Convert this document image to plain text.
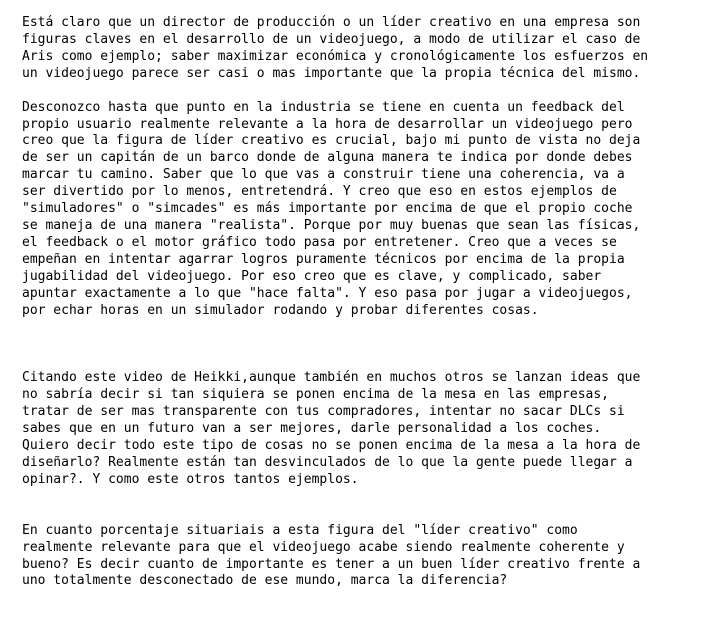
Está claro que un director de producción o un líder creativo en una empresa son
figuras claves en el desarrollo de un videojuego, a modo de utilizar el caso de
Aris como ejemplo; saber maximizar económica y cronológicamente los esfuerzos en
un videojuego parece ser casi o mas importante que la propia técnica del mismo.

Desconozco hasta que punto en la industria se tiene en cuenta un feedback del
propio usuario realmente relevante a la hora de desarrollar un videojuego pero
creo que la figura de líder creativo es crucial, bajo mi punto de vista no deja
de ser un capitán de un barco donde de alguna manera te indica por donde debes
marcar tu camino. Saber que lo que vas a construir tiene una coherencia, va a
ser divertido por lo menos, entretendrá. Y creo que eso en estos ejemplos de
"simuladores" o "simcades" es más importante por encima de que el propio coche
se maneja de una manera "realista". Porque por muy buenas que sean las físicas,
el feedback o el motor gráfico todo pasa por entretener. Creo que a veces se
empeñan en intentar agarrar logros puramente técnicos por encima de la propia
jugabilidad del videojuego. Por eso creo que es clave, y complicado, saber
apuntar exactamente a lo que "hace falta". Y eso pasa por jugar a videojuegos,
por echar horas en un simulador rodando y probar diferentes cosas.

Citando este video de Heikki,aunque también en muchos otros se lanzan ideas que
no sabría decir si tan siquiera se ponen encima de la mesa en las empresas,
tratar de ser mas transparente con tus compradores, intentar no sacar DLCs si
sabes que en un futuro van a ser mejores, darle personalidad a los coches.
Quiero decir todo este tipo de cosas no se ponen encima de la mesa a la hora de
diseñarlo? Realmente están tan desvinculados de lo que la gente puede llegar a
opinar?. Y como este otros tantos ejemplos.

En cuanto porcentaje situariais a esta figura del "líder creativo" como
realmente relevante para que el videojuego acabe siendo realmente coherente y
bueno? Es decir cuanto de importante es tener a un buen líder creativo frente a
uno totalmente desconectado de ese mundo, marca la diferencia?
